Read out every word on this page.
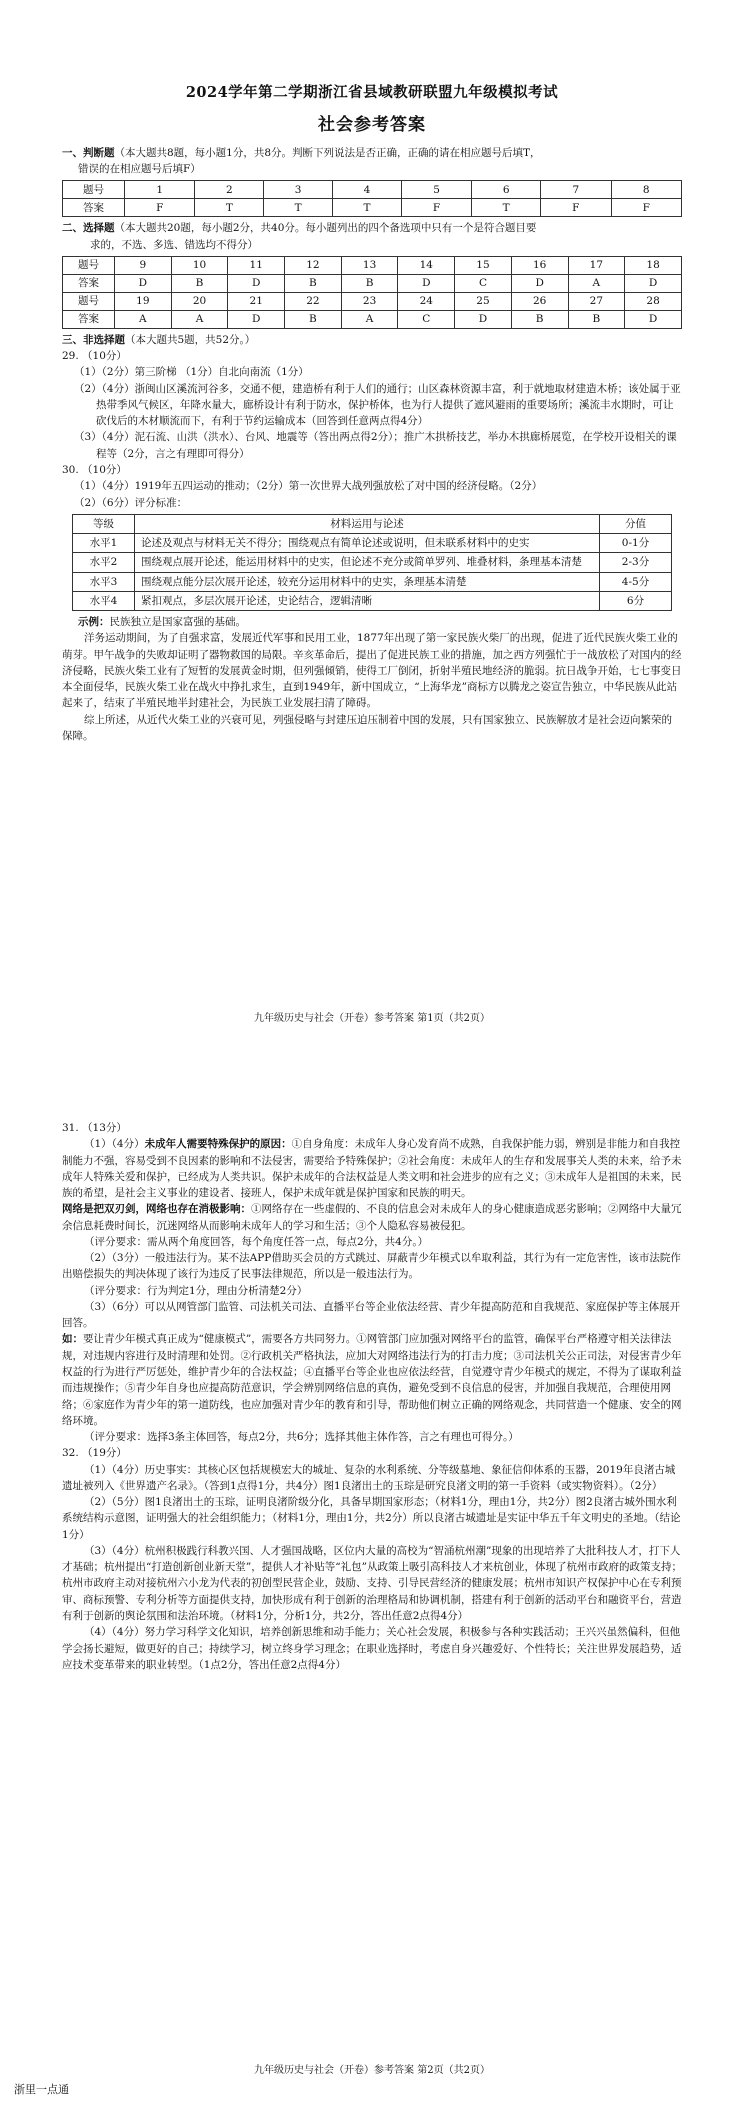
2024学年第二学期浙江省县域教研联盟九年级模拟考试
社会参考答案
一、判断题（本大题共8题，每小题1分，共8分。判断下列说法是否正确，正确的请在相应题号后填T，
错误的在相应题号后填F）
题号	1	2	3	4	5	6	7	8
答案	F	T	T	T	F	T	F	F
二、选择题（本大题共20题，每小题2分，共40分。每小题列出的四个备选项中只有一个是符合题目要
求的，不选、多选、错选均不得分）
题号	9	10	11	12	13	14	15	16	17	18
答案	D	B	D	B	B	D	C	D	A	D
题号	19	20	21	22	23	24	25	26	27	28
答案	A	A	D	B	A	C	D	B	B	D
三、非选择题（本大题共5题，共52分。）
29. （10分）
（1）（2分）第三阶梯 （1分）自北向南流（1分）
（2）（4分）浙闽山区溪流河谷多，交通不便，建造桥有利于人们的通行；山区森林资源丰富，利于就地取材建造木桥；该处属于亚热带季风气候区，年降水量大，廊桥设计有利于防水，保护桥体，也为行人提供了遮风避雨的重要场所；溪流丰水期时，可让砍伐后的木材顺流而下，有利于节约运输成本（回答到任意两点得4分）
（3）（4分）泥石流、山洪（洪水）、台风、地震等（答出两点得2分）；推广木拱桥技艺，举办木拱廊桥展览，在学校开设相关的课程等（2分，言之有理即可得分）
30. （10分）
（1）（4分）1919年五四运动的推动；（2分）第一次世界大战列强放松了对中国的经济侵略。（2分）
（2）（6分）评分标准：
等级	材料运用与论述	分值
水平1	论述及观点与材料无关不得分；围绕观点有简单论述或说明，但未联系材料中的史实	0-1分
水平2	围绕观点展开论述，能运用材料中的史实，但论述不充分或简单罗列、堆叠材料，条理基本清楚	2-3分
水平3	围绕观点能分层次展开论述，较充分运用材料中的史实，条理基本清楚	4-5分
水平4	紧扣观点，多层次展开论述，史论结合，逻辑清晰	6分
示例：民族独立是国家富强的基础。
洋务运动期间，为了自强求富，发展近代军事和民用工业，1877年出现了第一家民族火柴厂的出现，促进了近代民族火柴工业的萌芽。甲午战争的失败却证明了器物救国的局限。辛亥革命后，提出了促进民族工业的措施，加之西方列强忙于一战放松了对国内的经济侵略，民族火柴工业有了短暂的发展黄金时期，但列强倾销，使得工厂倒闭，折射半殖民地经济的脆弱。抗日战争开始，七七事变日本全面侵华，民族火柴工业在战火中挣扎求生，直到1949年，新中国成立，“上海华龙”商标方以腾龙之姿宣告独立，中华民族从此站起来了，结束了半殖民地半封建社会，为民族工业发展扫清了障碍。
综上所述，从近代火柴工业的兴衰可见，列强侵略与封建压迫压制着中国的发展，只有国家独立、民族解放才是社会迈向繁荣的保障。
九年级历史与社会（开卷）参考答案 第1页（共2页）
31. （13分）
（1）（4分）未成年人需要特殊保护的原因：①自身角度：未成年人身心发育尚不成熟，自我保护能力弱，辨别是非能力和自我控制能力不强，容易受到不良因素的影响和不法侵害，需要给予特殊保护；②社会角度：未成年人的生存和发展事关人类的未来，给予未成年人特殊关爱和保护，已经成为人类共识。保护未成年的合法权益是人类文明和社会进步的应有之义；③未成年人是祖国的未来，民族的希望，是社会主义事业的建设者、接班人，保护未成年就是保护国家和民族的明天。
网络是把双刃剑，网络也存在消极影响：①网络存在一些虚假的、不良的信息会对未成年人的身心健康造成恶劣影响；②网络中大量冗余信息耗费时间长，沉迷网络从而影响未成年人的学习和生活；③个人隐私容易被侵犯。
（评分要求：需从两个角度回答，每个角度任答一点，每点2分，共4分。）
（2）（3分）一般违法行为。某不法APP借助买会员的方式跳过、屏蔽青少年模式以牟取利益，其行为有一定危害性，该市法院作出赔偿损失的判决体现了该行为违反了民事法律规范，所以是一般违法行为。
（评分要求：行为判定1分，理由分析清楚2分）
（3）（6分）可以从网管部门监管、司法机关司法、直播平台等企业依法经营、青少年提高防范和自我规范、家庭保护等主体展开回答。
如：要让青少年模式真正成为“健康模式”，需要各方共同努力。①网管部门应加强对网络平台的监管，确保平台严格遵守相关法律法规，对违规内容进行及时清理和处罚。②行政机关严格执法，应加大对网络违法行为的打击力度；③司法机关公正司法，对侵害青少年权益的行为进行严厉惩处，维护青少年的合法权益；④直播平台等企业也应依法经营，自觉遵守青少年模式的规定，不得为了谋取利益而违规操作；⑤青少年自身也应提高防范意识，学会辨别网络信息的真伪，避免受到不良信息的侵害，并加强自我规范，合理使用网络；⑥家庭作为青少年的第一道防线，也应加强对青少年的教育和引导，帮助他们树立正确的网络观念，共同营造一个健康、安全的网络环境。
（评分要求：选择3条主体回答，每点2分，共6分；选择其他主体作答，言之有理也可得分。）
32. （19分）
（1）（4分）历史事实：其核心区包括规模宏大的城址、复杂的水利系统、分等级墓地、象征信仰体系的玉器，2019年良渚古城遗址被列入《世界遗产名录》。（答到1点得1分，共4分）图1良渚出土的玉琮是研究良渚文明的第一手资料（或实物资料）。（2分）
（2）（5分）图1良渚出土的玉琮，证明良渚阶级分化，具备早期国家形态；（材料1分，理由1分，共2分）图2良渚古城外围水利系统结构示意图，证明强大的社会组织能力；（材料1分，理由1分，共2分）所以良渚古城遗址是实证中华五千年文明史的圣地。（结论1分）
（3）（4分）杭州积极践行科教兴国、人才强国战略，区位内大量的高校为“智涌杭州潮”现象的出现培养了大批科技人才，打下人才基础；杭州提出“打造创新创业新天堂”，提供人才补贴等“礼包”从政策上吸引高科技人才来杭创业，体现了杭州市政府的政策支持；杭州市政府主动对接杭州六小龙为代表的初创型民营企业，鼓励、支持、引导民营经济的健康发展；杭州市知识产权保护中心在专利预审、商标预警、专利分析等方面提供支持，加快形成有利于创新的治理格局和协调机制，搭建有利于创新的活动平台和融资平台，营造有利于创新的舆论氛围和法治环境。（材料1分，分析1分，共2分，答出任意2点得4分）
（4）（4分）努力学习科学文化知识，培养创新思维和动手能力；关心社会发展，积极参与各种实践活动；王兴兴虽然偏科，但他学会扬长避短，做更好的自己；持续学习，树立终身学习理念；在职业选择时，考虑自身兴趣爱好、个性特长；关注世界发展趋势，适应技术变革带来的职业转型。（1点2分，答出任意2点得4分）
九年级历史与社会（开卷）参考答案 第2页（共2页）
浙里一点通
